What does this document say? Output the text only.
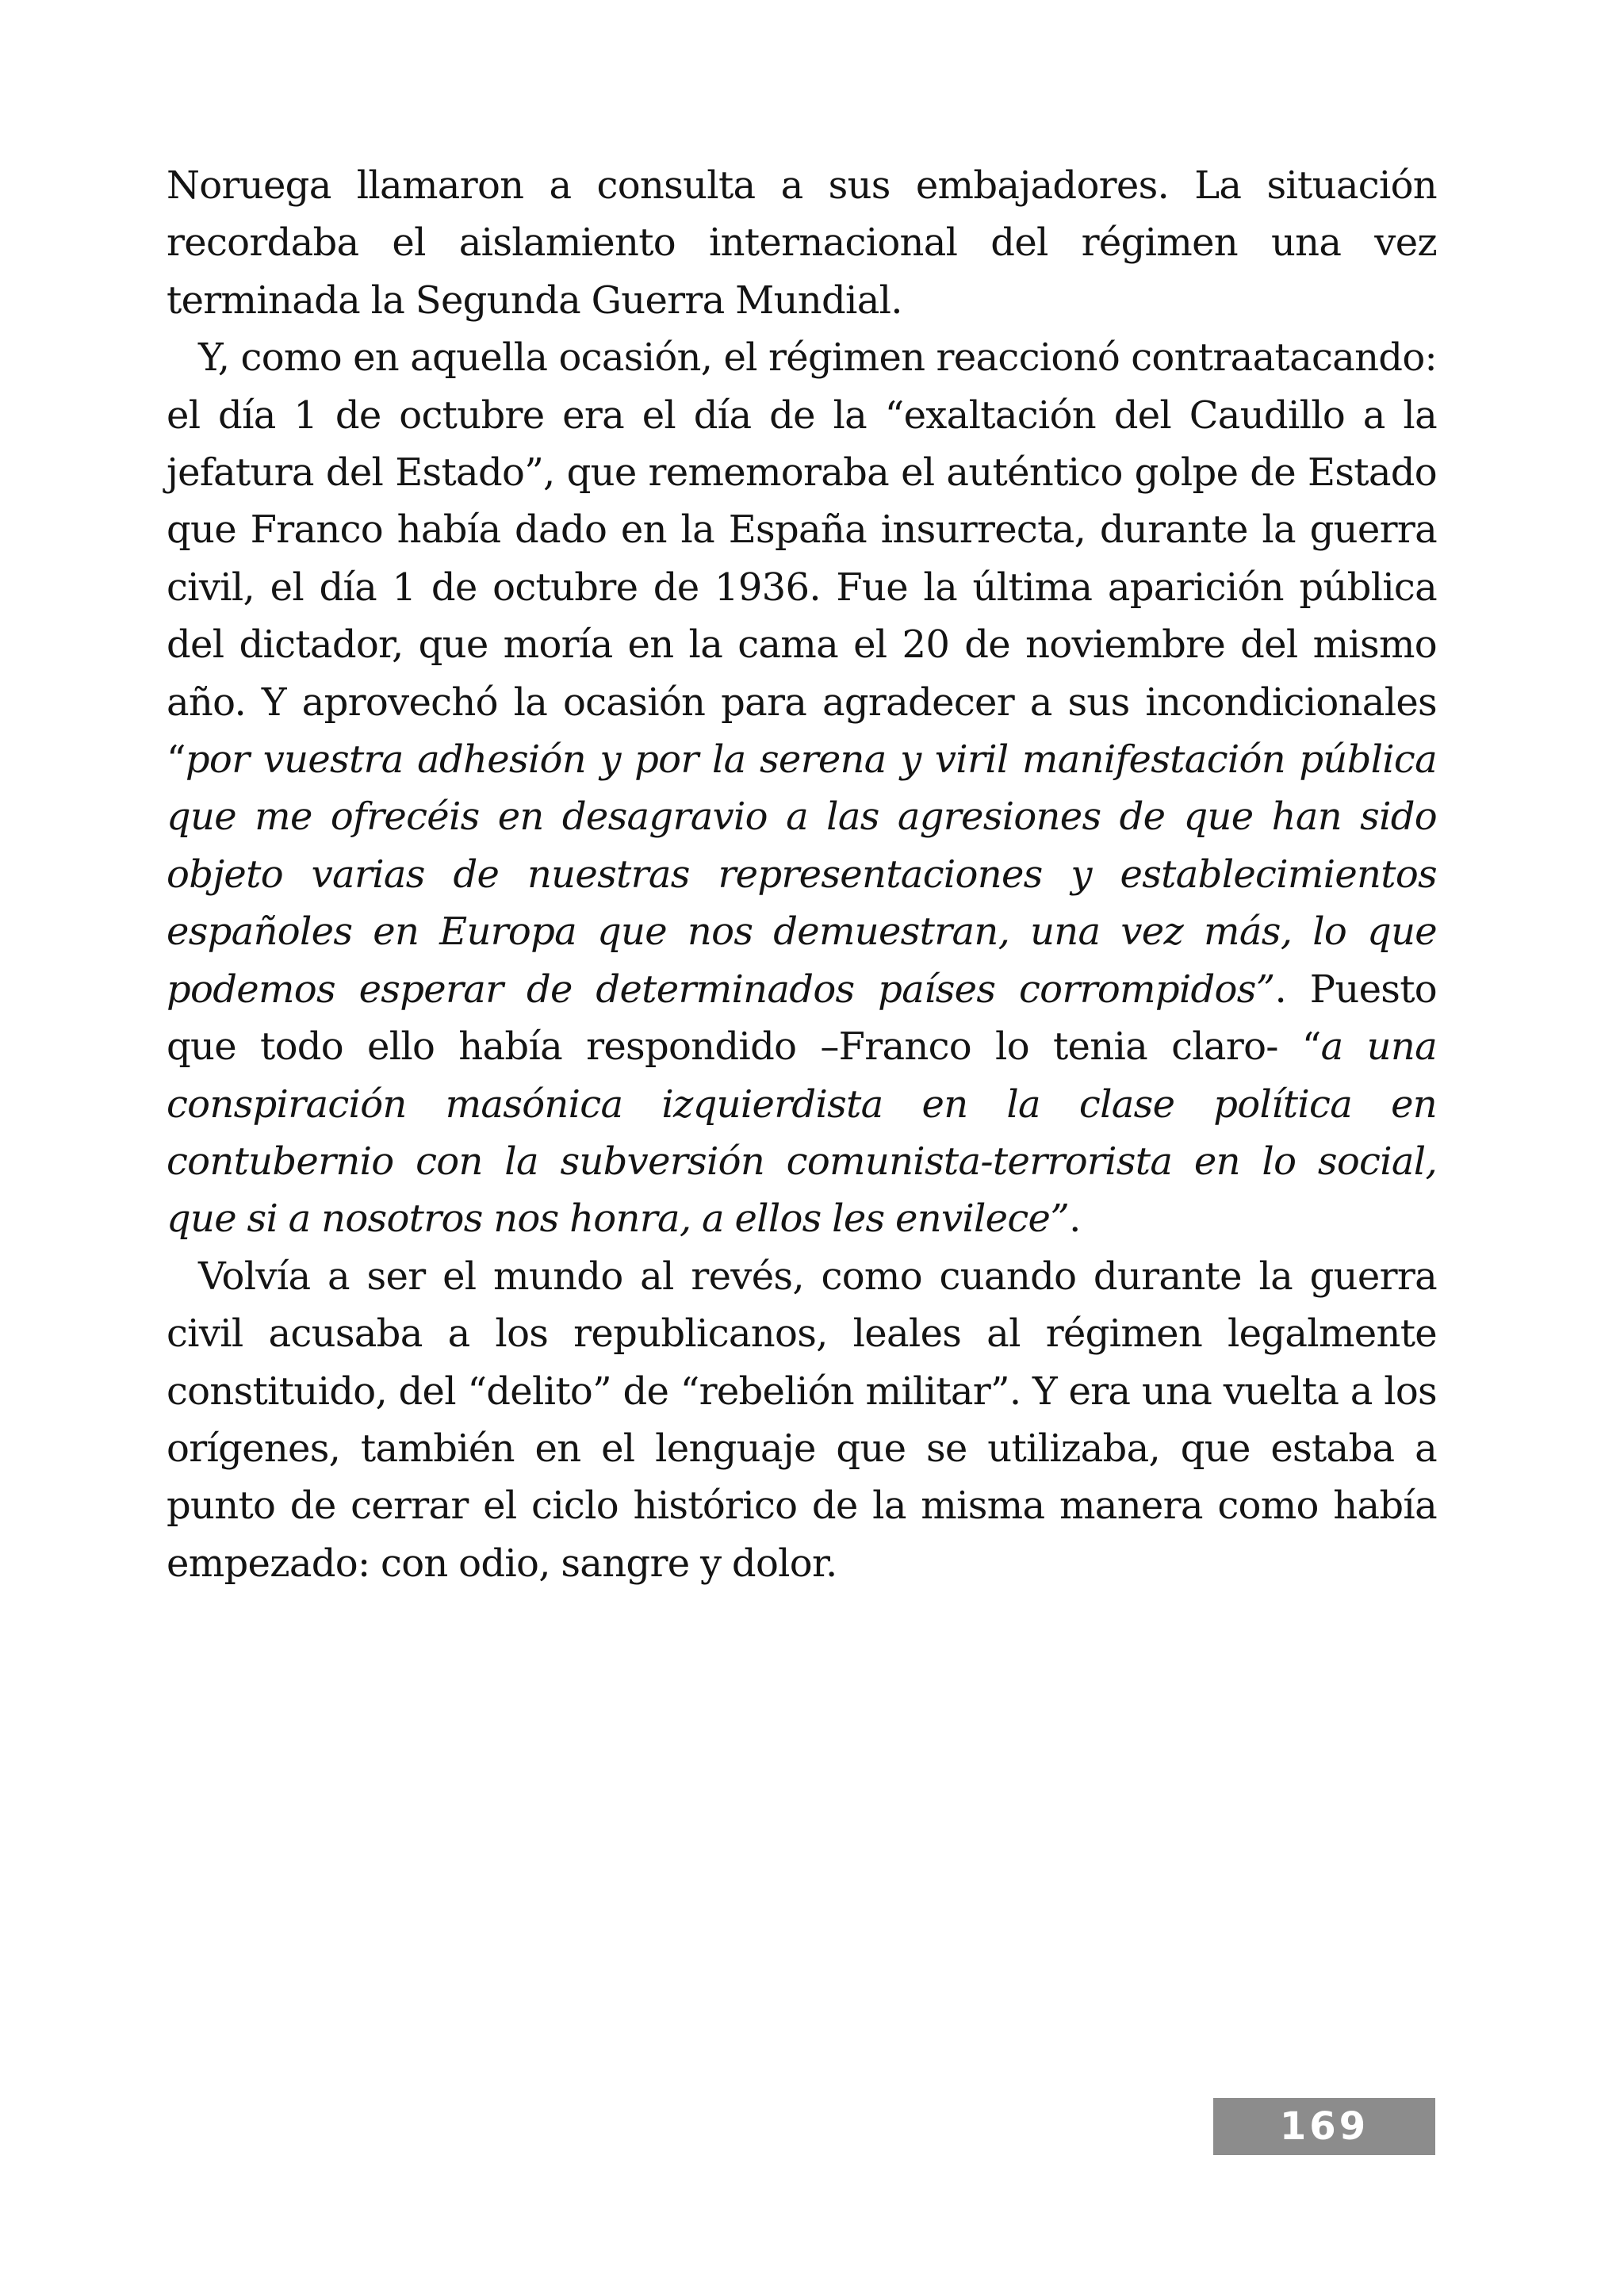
Noruega llamaron a consulta a sus embajadores. La situación recordaba el aislamiento internacional del régimen una vez terminada la Segunda Guerra Mundial.

Y, como en aquella ocasión, el régimen reaccionó contraatacando: el día 1 de octubre era el día de la “exaltación del Caudillo a la jefatura del Estado”, que rememoraba el auténtico golpe de Estado que Franco había dado en la España insurrecta, durante la guerra civil, el día 1 de octubre de 1936. Fue la última aparición pública del dictador, que moría en la cama el 20 de noviembre del mismo año. Y aprovechó la ocasión para agradecer a sus incondicionales “por vuestra adhesión y por la serena y viril manifestación pública que me ofrecéis en desagravio a las agresiones de que han sido objeto varias de nuestras representaciones y establecimientos españoles en Europa que nos demuestran, una vez más, lo que podemos esperar de determinados países corrompidos”. Puesto que todo ello había respondido –Franco lo tenia claro- “a una conspiración masónica izquierdista en la clase política en contubernio con la subversión comunista-terrorista en lo social, que si a nosotros nos honra, a ellos les envilece”.

Volvía a ser el mundo al revés, como cuando durante la guerra civil acusaba a los republicanos, leales al régimen legalmente constituido, del “delito” de “rebelión militar”. Y era una vuelta a los orígenes, también en el lenguaje que se utilizaba, que estaba a punto de cerrar el ciclo histórico de la misma manera como había empezado: con odio, sangre y dolor.

169
